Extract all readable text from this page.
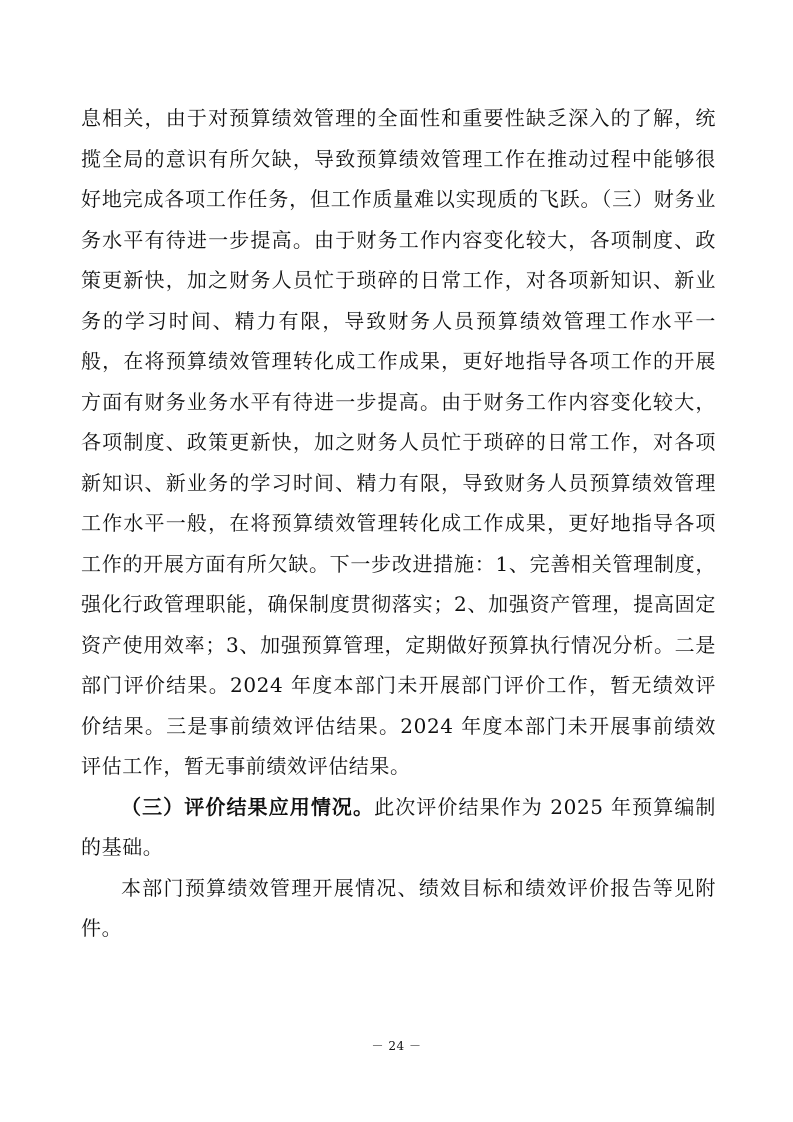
息相关，由于对预算绩效管理的全面性和重要性缺乏深入的了解，统揽全局的意识有所欠缺，导致预算绩效管理工作在推动过程中能够很好地完成各项工作任务，但工作质量难以实现质的飞跃。（三）财务业务水平有待进一步提高。由于财务工作内容变化较大，各项制度、政策更新快，加之财务人员忙于琐碎的日常工作，对各项新知识、新业务的学习时间、精力有限，导致财务人员预算绩效管理工作水平一般，在将预算绩效管理转化成工作成果，更好地指导各项工作的开展方面有财务业务水平有待进一步提高。由于财务工作内容变化较大，各项制度、政策更新快，加之财务人员忙于琐碎的日常工作，对各项新知识、新业务的学习时间、精力有限，导致财务人员预算绩效管理工作水平一般，在将预算绩效管理转化成工作成果，更好地指导各项工作的开展方面有所欠缺。下一步改进措施：1、完善相关管理制度，强化行政管理职能，确保制度贯彻落实；2、加强资产管理，提高固定资产使用效率；3、加强预算管理，定期做好预算执行情况分析。二是部门评价结果。2024 年度本部门未开展部门评价工作，暂无绩效评价结果。三是事前绩效评估结果。2024 年度本部门未开展事前绩效评估工作，暂无事前绩效评估结果。

（三）评价结果应用情况。此次评价结果作为 2025 年预算编制的基础。

本部门预算绩效管理开展情况、绩效目标和绩效评价报告等见附件。

－ 24 －
